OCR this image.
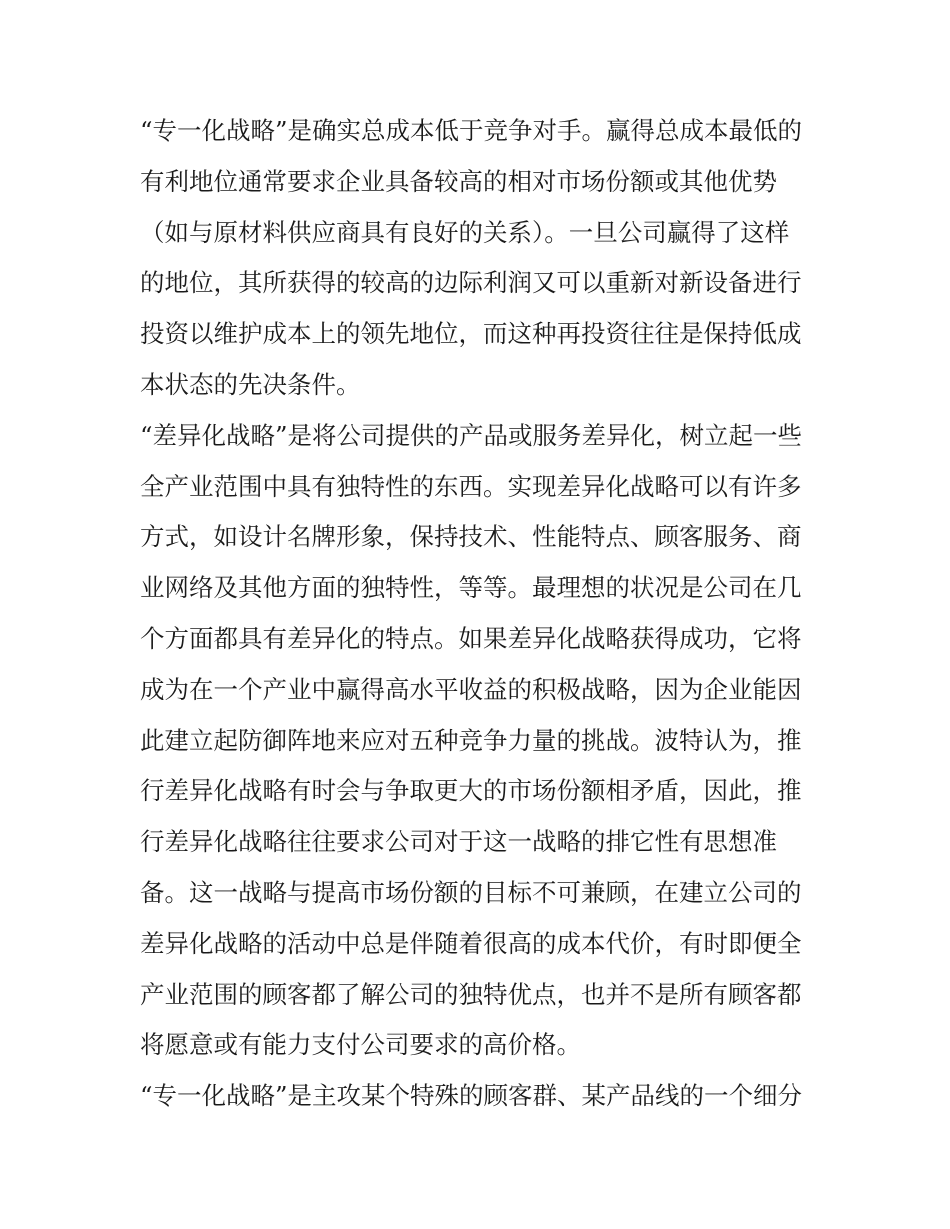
“专一化战略”是确实总成本低于竞争对手。赢得总成本最低的
有利地位通常要求企业具备较高的相对市场份额或其他优势
（如与原材料供应商具有良好的关系）。一旦公司赢得了这样
的地位，其所获得的较高的边际利润又可以重新对新设备进行
投资以维护成本上的领先地位，而这种再投资往往是保持低成
本状态的先决条件。
“差异化战略”是将公司提供的产品或服务差异化，树立起一些
全产业范围中具有独特性的东西。实现差异化战略可以有许多
方式，如设计名牌形象，保持技术、性能特点、顾客服务、商
业网络及其他方面的独特性，等等。最理想的状况是公司在几
个方面都具有差异化的特点。如果差异化战略获得成功，它将
成为在一个产业中赢得高水平收益的积极战略，因为企业能因
此建立起防御阵地来应对五种竞争力量的挑战。波特认为，推
行差异化战略有时会与争取更大的市场份额相矛盾，因此，推
行差异化战略往往要求公司对于这一战略的排它性有思想准
备。这一战略与提高市场份额的目标不可兼顾，在建立公司的
差异化战略的活动中总是伴随着很高的成本代价，有时即便全
产业范围的顾客都了解公司的独特优点，也并不是所有顾客都
将愿意或有能力支付公司要求的高价格。
“专一化战略”是主攻某个特殊的顾客群、某产品线的一个细分
